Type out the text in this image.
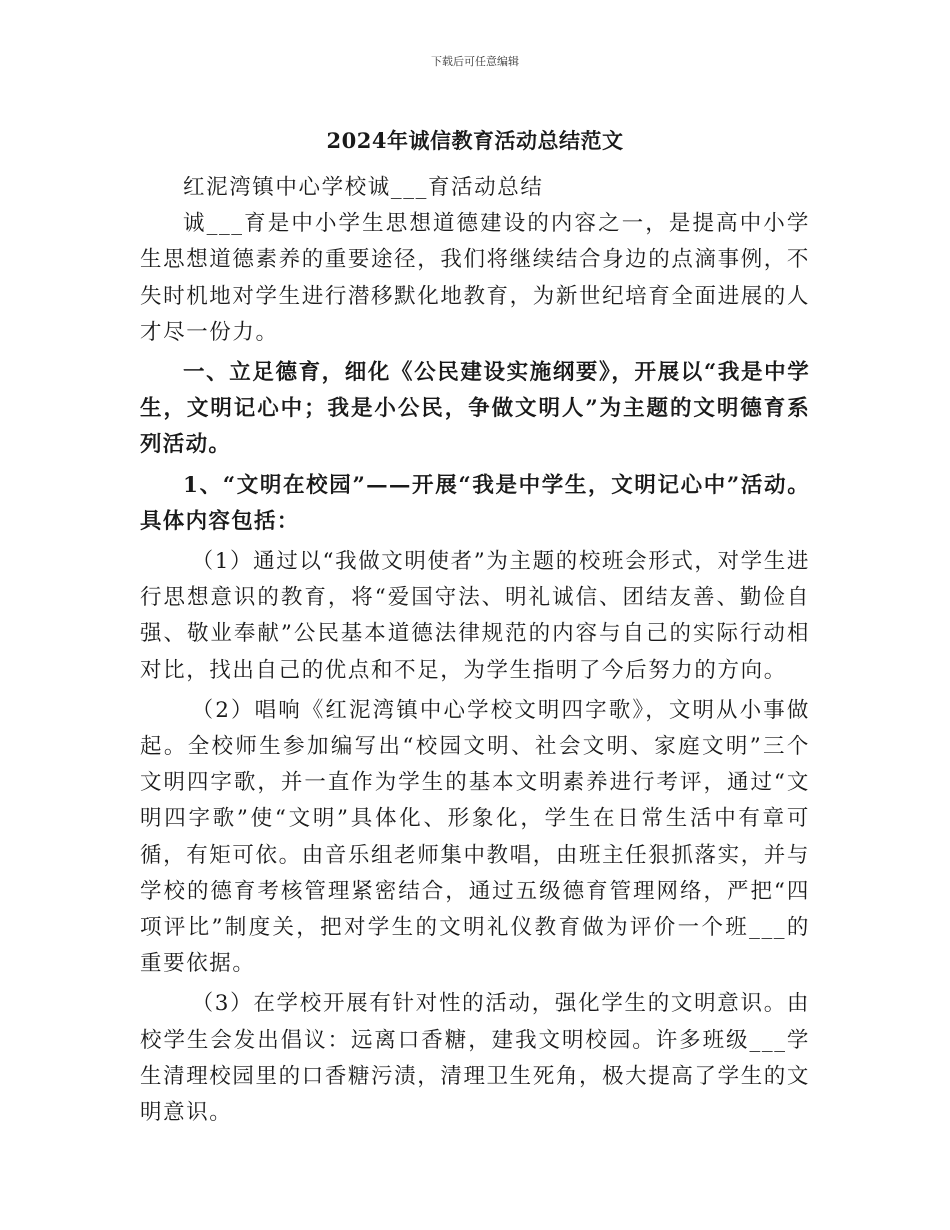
下载后可任意编辑
2024年诚信教育活动总结范文

红泥湾镇中心学校诚___育活动总结

诚___育是中小学生思想道德建设的内容之一，是提高中小学生思想道德素养的重要途径，我们将继续结合身边的点滴事例，不失时机地对学生进行潜移默化地教育，为新世纪培育全面进展的人才尽一份力。

一、立足德育，细化《公民建设实施纲要》，开展以“我是中学生，文明记心中；我是小公民，争做文明人”为主题的文明德育系列活动。

1、“文明在校园”——开展“我是中学生，文明记心中”活动。具体内容包括：

（1）通过以“我做文明使者”为主题的校班会形式，对学生进行思想意识的教育，将“爱国守法、明礼诚信、团结友善、勤俭自强、敬业奉献”公民基本道德法律规范的内容与自己的实际行动相对比，找出自己的优点和不足，为学生指明了今后努力的方向。

（2）唱响《红泥湾镇中心学校文明四字歌》，文明从小事做起。全校师生参加编写出“校园文明、社会文明、家庭文明”三个文明四字歌，并一直作为学生的基本文明素养进行考评，通过“文明四字歌”使“文明”具体化、形象化，学生在日常生活中有章可循，有矩可依。由音乐组老师集中教唱，由班主任狠抓落实，并与学校的德育考核管理紧密结合，通过五级德育管理网络，严把“四项评比”制度关，把对学生的文明礼仪教育做为评价一个班___的重要依据。

（3）在学校开展有针对性的活动，强化学生的文明意识。由校学生会发出倡议：远离口香糖，建我文明校园。许多班级___学生清理校园里的口香糖污渍，清理卫生死角，极大提高了学生的文明意识。
